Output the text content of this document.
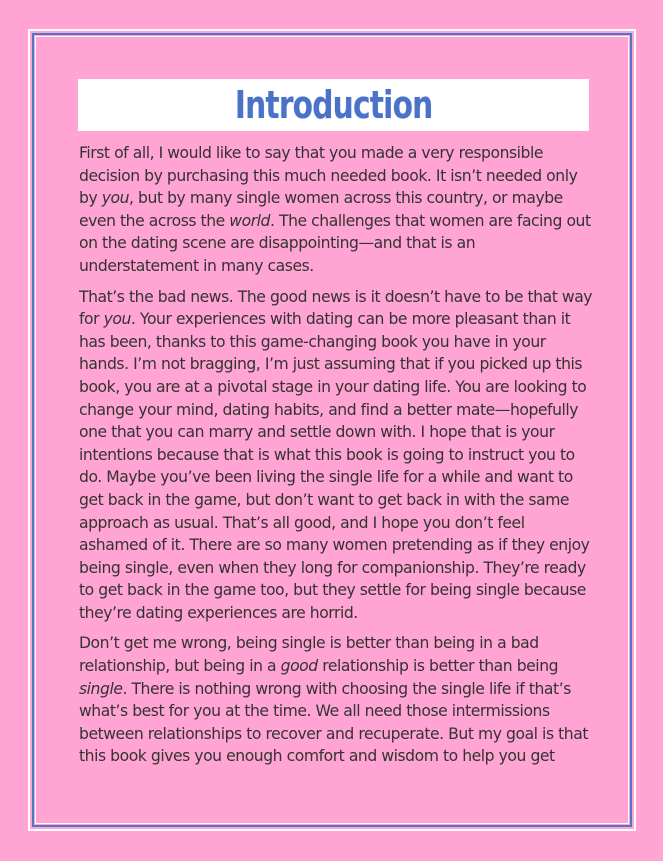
Introduction

First of all, I would like to say that you made a very responsible decision by purchasing this much needed book. It isn’t needed only by you, but by many single women across this country, or maybe even the across the world. The challenges that women are facing out on the dating scene are disappointing—and that is an understatement in many cases.

That’s the bad news. The good news is it doesn’t have to be that way for you. Your experiences with dating can be more pleasant than it has been, thanks to this game-changing book you have in your hands. I’m not bragging, I’m just assuming that if you picked up this book, you are at a pivotal stage in your dating life. You are looking to change your mind, dating habits, and find a better mate—hopefully one that you can marry and settle down with. I hope that is your intentions because that is what this book is going to instruct you to do. Maybe you’ve been living the single life for a while and want to get back in the game, but don’t want to get back in with the same approach as usual. That’s all good, and I hope you don’t feel ashamed of it. There are so many women pretending as if they enjoy being single, even when they long for companionship. They’re ready to get back in the game too, but they settle for being single because they’re dating experiences are horrid.

Don’t get me wrong, being single is better than being in a bad relationship, but being in a good relationship is better than being single. There is nothing wrong with choosing the single life if that’s what’s best for you at the time. We all need those intermissions between relationships to recover and recuperate. But my goal is that this book gives you enough comfort and wisdom to help you get
